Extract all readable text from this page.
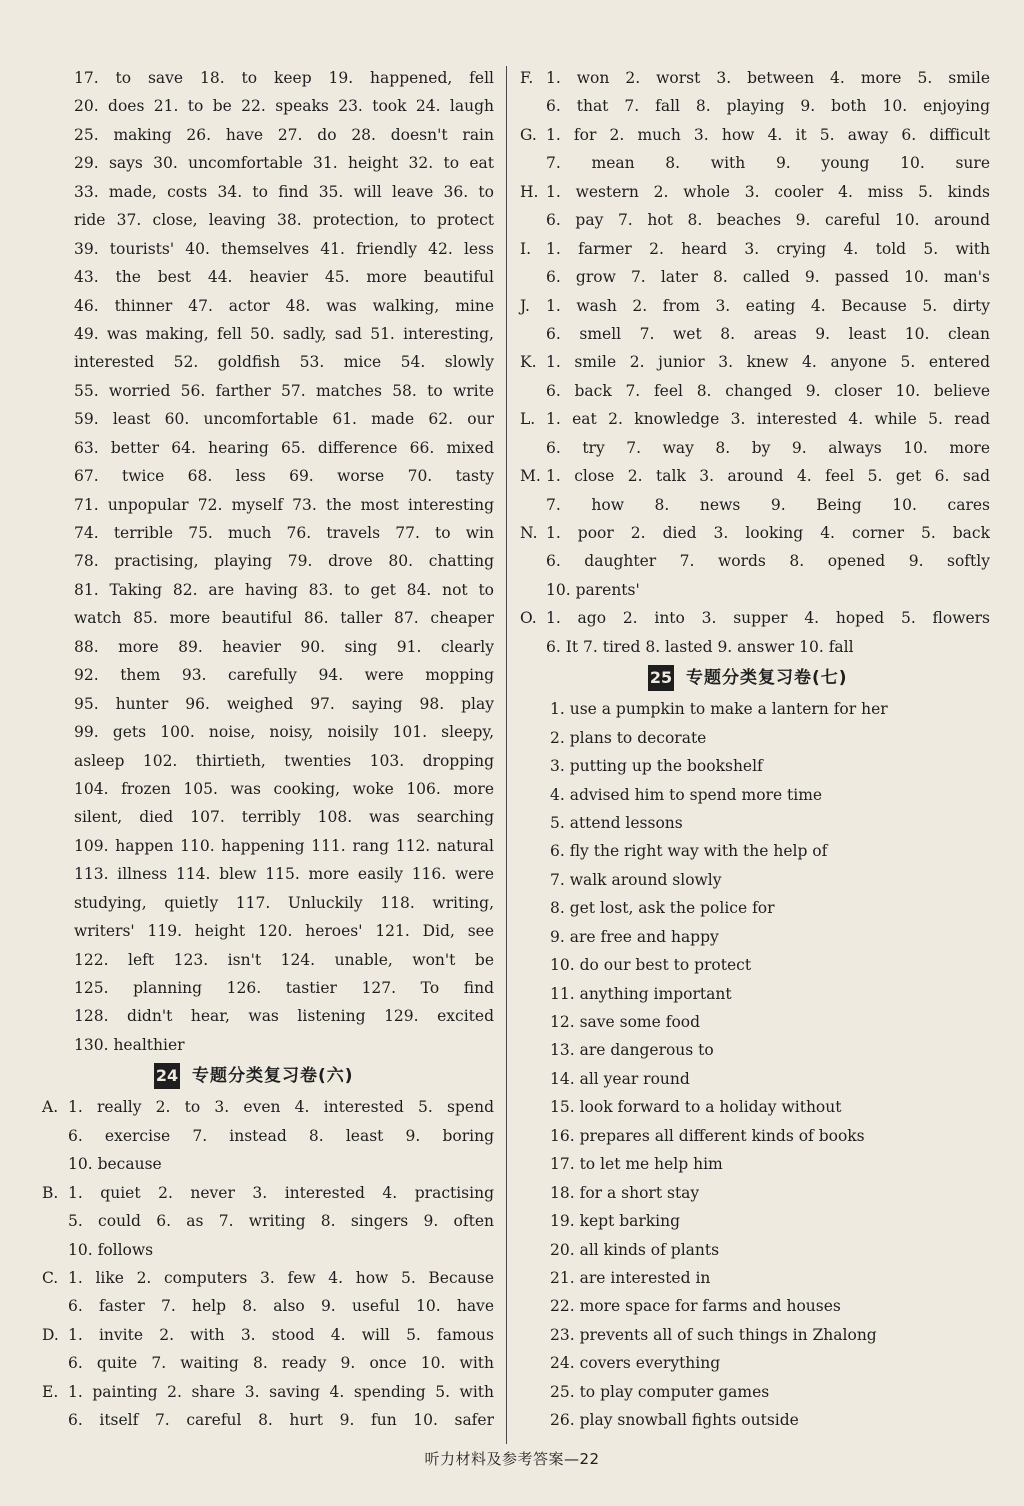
17. to save 18. to keep 19. happened, fell
20. does 21. to be 22. speaks 23. took 24. laugh
25. making 26. have 27. do 28. doesn't rain
29. says 30. uncomfortable 31. height 32. to eat
33. made, costs 34. to find 35. will leave 36. to
ride 37. close, leaving 38. protection, to protect
39. tourists' 40. themselves 41. friendly 42. less
43. the best 44. heavier 45. more beautiful
46. thinner 47. actor 48. was walking, mine
49. was making, fell 50. sadly, sad 51. interesting,
interested 52. goldfish 53. mice 54. slowly
55. worried 56. farther 57. matches 58. to write
59. least 60. uncomfortable 61. made 62. our
63. better 64. hearing 65. difference 66. mixed
67. twice 68. less 69. worse 70. tasty
71. unpopular 72. myself 73. the most interesting
74. terrible 75. much 76. travels 77. to win
78. practising, playing 79. drove 80. chatting
81. Taking 82. are having 83. to get 84. not to
watch 85. more beautiful 86. taller 87. cheaper
88. more 89. heavier 90. sing 91. clearly
92. them 93. carefully 94. were mopping
95. hunter 96. weighed 97. saying 98. play
99. gets 100. noise, noisy, noisily 101. sleepy,
asleep 102. thirtieth, twenties 103. dropping
104. frozen 105. was cooking, woke 106. more
silent, died 107. terribly 108. was searching
109. happen 110. happening 111. rang 112. natural
113. illness 114. blew 115. more easily 116. were
studying, quietly 117. Unluckily 118. writing,
writers' 119. height 120. heroes' 121. Did, see
122. left 123. isn't 124. unable, won't be
125. planning 126. tastier 127. To find
128. didn't hear, was listening 129. excited
130. healthier
24 专题分类复习卷(六)
A. 1. really 2. to 3. even 4. interested 5. spend
6. exercise 7. instead 8. least 9. boring
10. because
B. 1. quiet 2. never 3. interested 4. practising
5. could 6. as 7. writing 8. singers 9. often
10. follows
C. 1. like 2. computers 3. few 4. how 5. Because
6. faster 7. help 8. also 9. useful 10. have
D. 1. invite 2. with 3. stood 4. will 5. famous
6. quite 7. waiting 8. ready 9. once 10. with
E. 1. painting 2. share 3. saving 4. spending 5. with
6. itself 7. careful 8. hurt 9. fun 10. safer
F. 1. won 2. worst 3. between 4. more 5. smile
6. that 7. fall 8. playing 9. both 10. enjoying
G. 1. for 2. much 3. how 4. it 5. away 6. difficult
7. mean 8. with 9. young 10. sure
H. 1. western 2. whole 3. cooler 4. miss 5. kinds
6. pay 7. hot 8. beaches 9. careful 10. around
I. 1. farmer 2. heard 3. crying 4. told 5. with
6. grow 7. later 8. called 9. passed 10. man's
J. 1. wash 2. from 3. eating 4. Because 5. dirty
6. smell 7. wet 8. areas 9. least 10. clean
K. 1. smile 2. junior 3. knew 4. anyone 5. entered
6. back 7. feel 8. changed 9. closer 10. believe
L. 1. eat 2. knowledge 3. interested 4. while 5. read
6. try 7. way 8. by 9. always 10. more
M. 1. close 2. talk 3. around 4. feel 5. get 6. sad
7. how 8. news 9. Being 10. cares
N. 1. poor 2. died 3. looking 4. corner 5. back
6. daughter 7. words 8. opened 9. softly
10. parents'
O. 1. ago 2. into 3. supper 4. hoped 5. flowers
6. It 7. tired 8. lasted 9. answer 10. fall
25 专题分类复习卷(七)
1. use a pumpkin to make a lantern for her
2. plans to decorate
3. putting up the bookshelf
4. advised him to spend more time
5. attend lessons
6. fly the right way with the help of
7. walk around slowly
8. get lost, ask the police for
9. are free and happy
10. do our best to protect
11. anything important
12. save some food
13. are dangerous to
14. all year round
15. look forward to a holiday without
16. prepares all different kinds of books
17. to let me help him
18. for a short stay
19. kept barking
20. all kinds of plants
21. are interested in
22. more space for farms and houses
23. prevents all of such things in Zhalong
24. covers everything
25. to play computer games
26. play snowball fights outside
听力材料及参考答案—22
